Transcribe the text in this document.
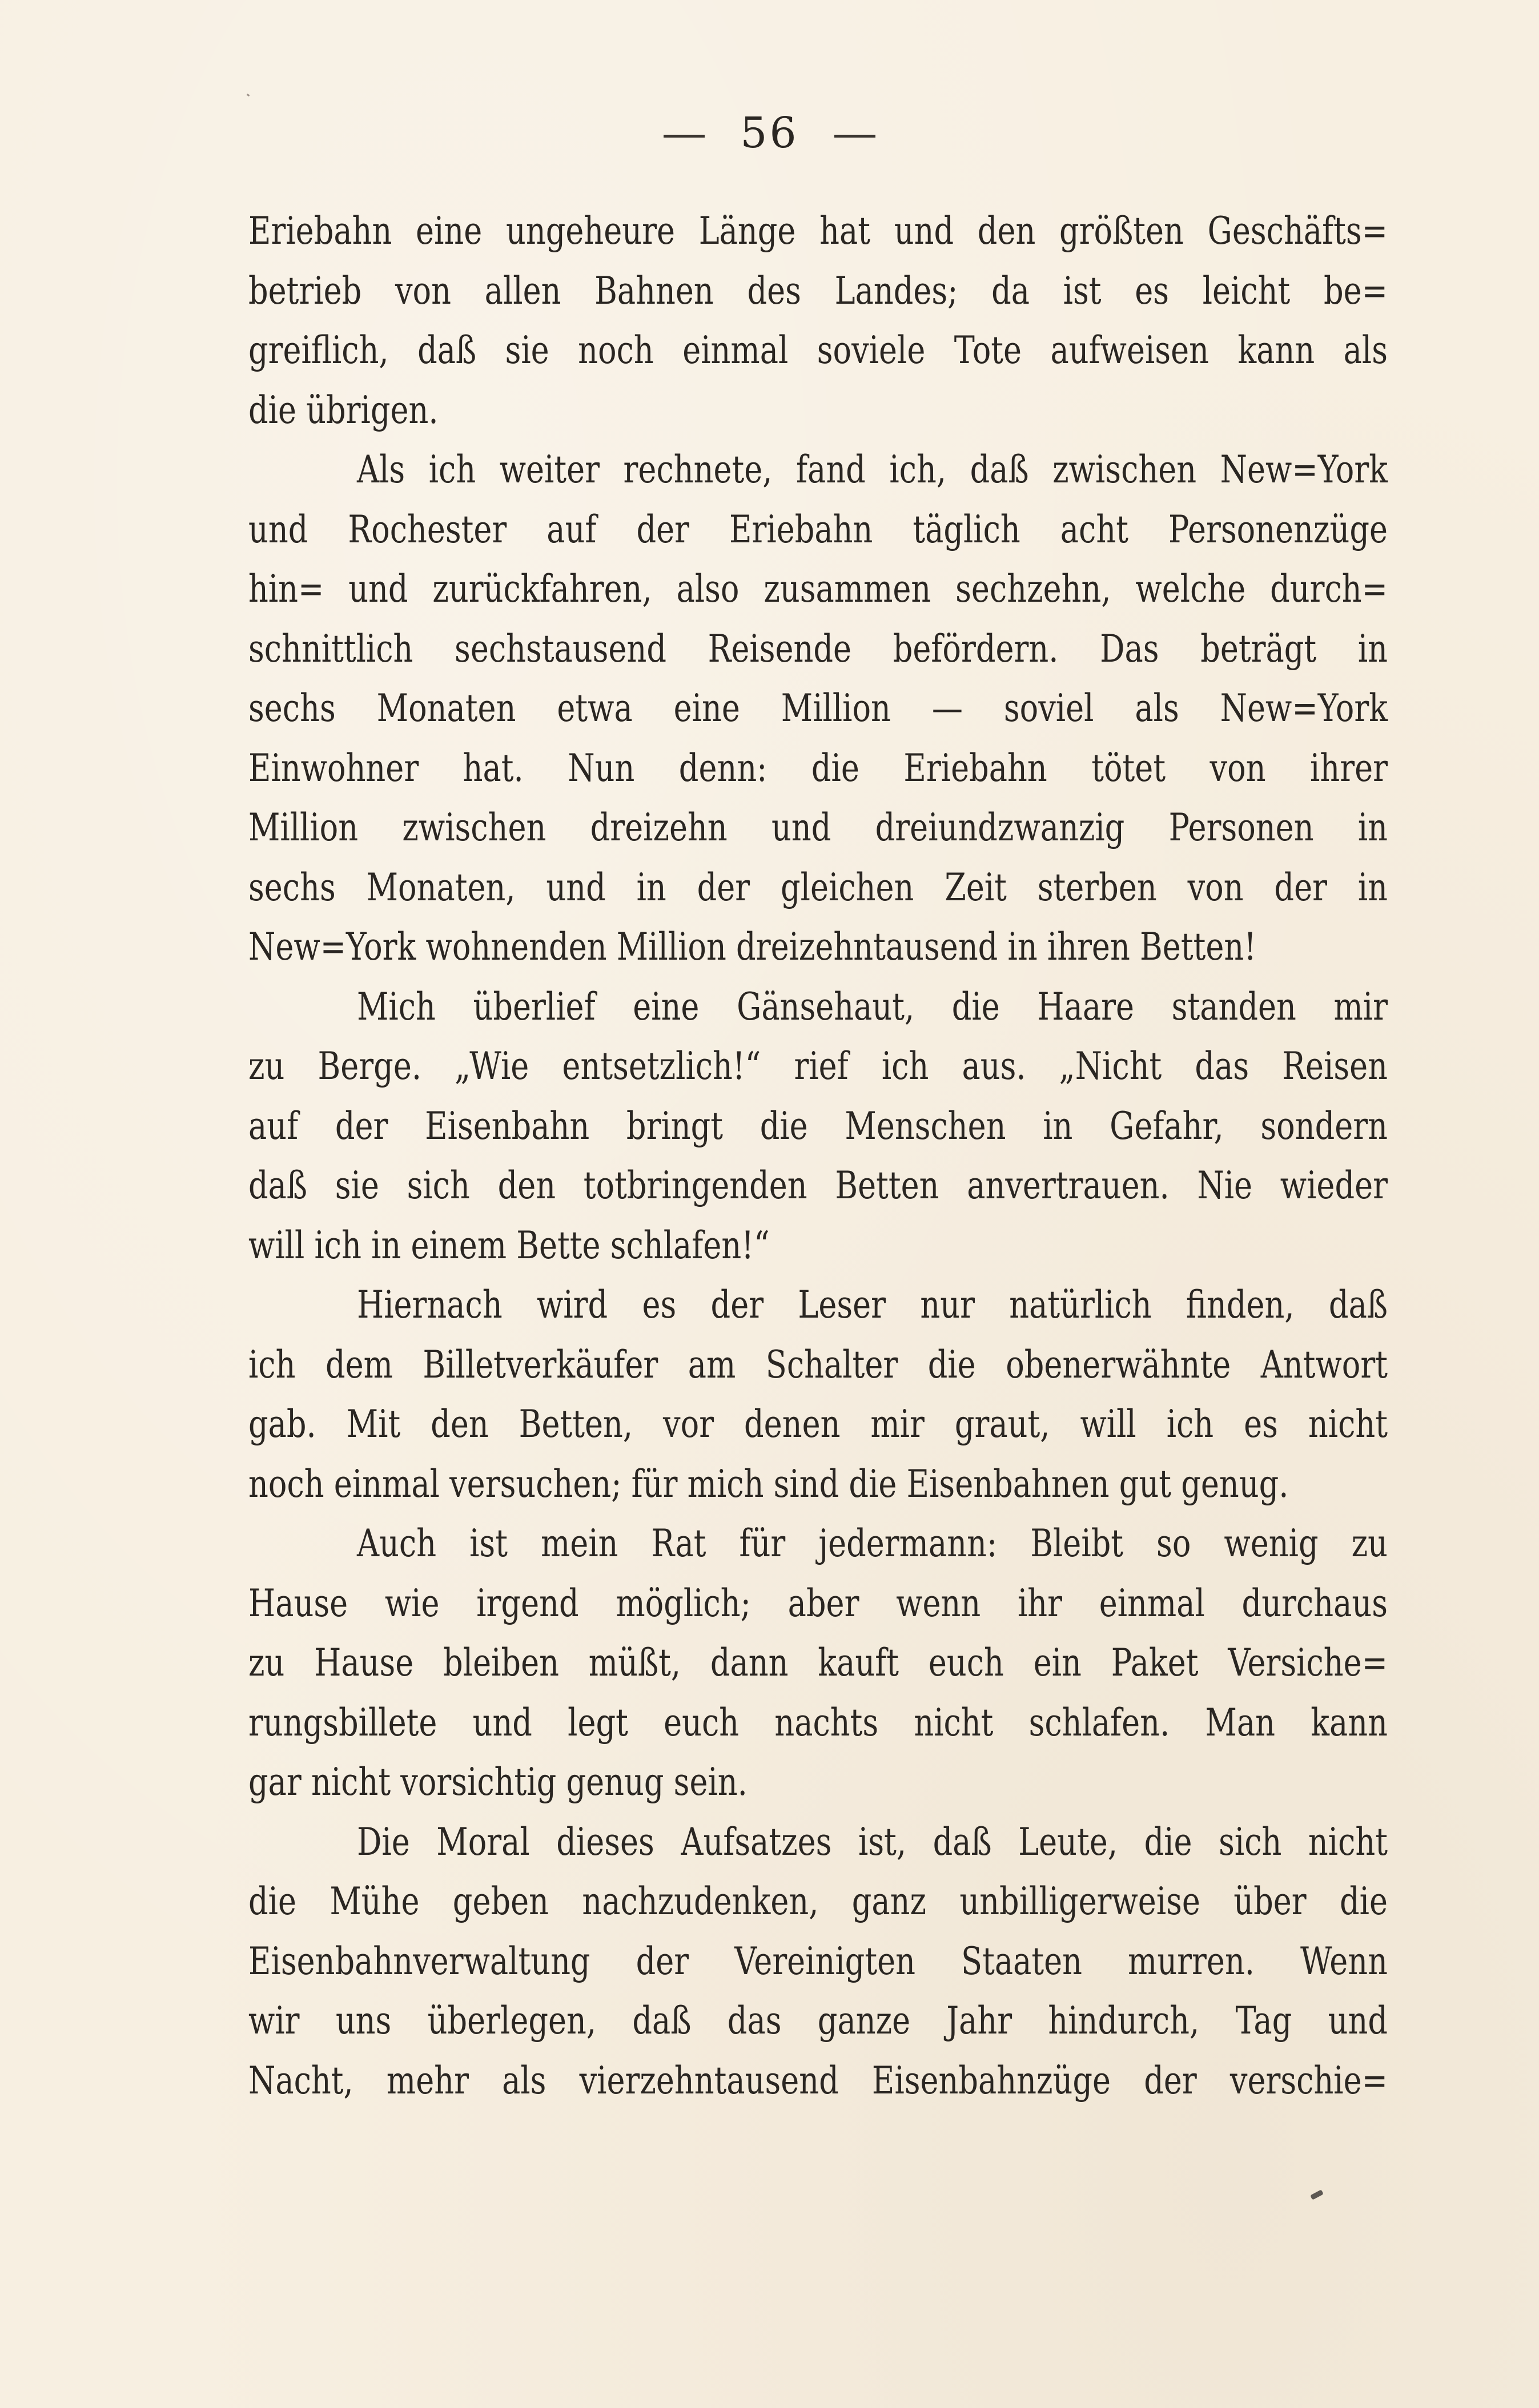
56
Eriebahn eine ungeheure Länge hat und den größten Geschäfts=
betrieb von allen Bahnen des Landes; da ist es leicht be=
greiflich, daß sie noch einmal soviele Tote aufweisen kann als
die übrigen.
Als ich weiter rechnete, fand ich, daß zwischen New=York
und Rochester auf der Eriebahn täglich acht Personenzüge
hin= und zurückfahren, also zusammen sechzehn, welche durch=
schnittlich sechstausend Reisende befördern. Das beträgt in
sechs Monaten etwa eine Million — soviel als New=York
Einwohner hat. Nun denn: die Eriebahn tötet von ihrer
Million zwischen dreizehn und dreiundzwanzig Personen in
sechs Monaten, und in der gleichen Zeit sterben von der in
New=York wohnenden Million dreizehntausend in ihren Betten!
Mich überlief eine Gänsehaut, die Haare standen mir
zu Berge. „Wie entsetzlich!“ rief ich aus. „Nicht das Reisen
auf der Eisenbahn bringt die Menschen in Gefahr, sondern
daß sie sich den totbringenden Betten anvertrauen. Nie wieder
will ich in einem Bette schlafen!“
Hiernach wird es der Leser nur natürlich finden, daß
ich dem Billetverkäufer am Schalter die obenerwähnte Antwort
gab. Mit den Betten, vor denen mir graut, will ich es nicht
noch einmal versuchen; für mich sind die Eisenbahnen gut genug.
Auch ist mein Rat für jedermann: Bleibt so wenig zu
Hause wie irgend möglich; aber wenn ihr einmal durchaus
zu Hause bleiben müßt, dann kauft euch ein Paket Versiche=
rungsbillete und legt euch nachts nicht schlafen. Man kann
gar nicht vorsichtig genug sein.
Die Moral dieses Aufsatzes ist, daß Leute, die sich nicht
die Mühe geben nachzudenken, ganz unbilligerweise über die
Eisenbahnverwaltung der Vereinigten Staaten murren. Wenn
wir uns überlegen, daß das ganze Jahr hindurch, Tag und
Nacht, mehr als vierzehntausend Eisenbahnzüge der verschie=
